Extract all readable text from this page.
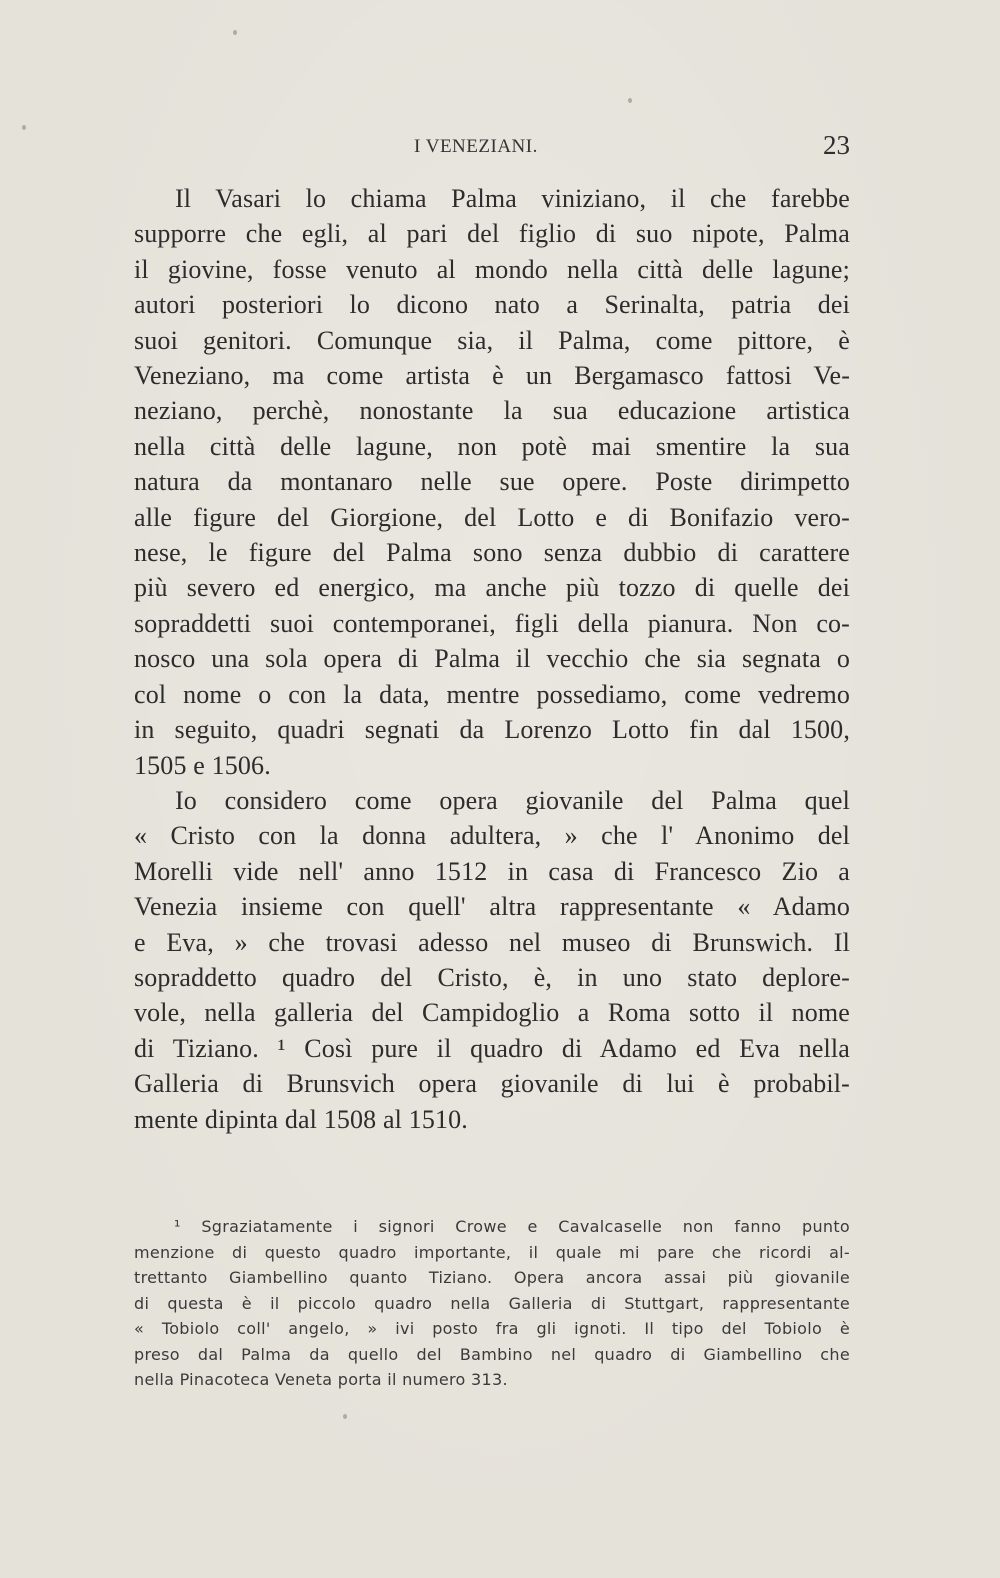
I VENEZIANI.	23

Il Vasari lo chiama Palma viniziano, il che farebbe
supporre che egli, al pari del figlio di suo nipote, Palma
il giovine, fosse venuto al mondo nella città delle lagune;
autori posteriori lo dicono nato a Serinalta, patria dei
suoi genitori. Comunque sia, il Palma, come pittore, è
Veneziano, ma come artista è un Bergamasco fattosi Ve-
neziano, perchè, nonostante la sua educazione artistica
nella città delle lagune, non potè mai smentire la sua
natura da montanaro nelle sue opere. Poste dirimpetto
alle figure del Giorgione, del Lotto e di Bonifazio vero-
nese, le figure del Palma sono senza dubbio di carattere
più severo ed energico, ma anche più tozzo di quelle dei
sopraddetti suoi contemporanei, figli della pianura. Non co-
nosco una sola opera di Palma il vecchio che sia segnata o
col nome o con la data, mentre possediamo, come vedremo
in seguito, quadri segnati da Lorenzo Lotto fin dal 1500,
1505 e 1506.

Io considero come opera giovanile del Palma quel
« Cristo con la donna adultera, » che l' Anonimo del
Morelli vide nell' anno 1512 in casa di Francesco Zio a
Venezia insieme con quell' altra rappresentante « Adamo
e Eva, » che trovasi adesso nel museo di Brunswich. Il
sopraddetto quadro del Cristo, è, in uno stato deplore-
vole, nella galleria del Campidoglio a Roma sotto il nome
di Tiziano. ¹ Così pure il quadro di Adamo ed Eva nella
Galleria di Brunsvich opera giovanile di lui è probabil-
mente dipinta dal 1508 al 1510.

¹ Sgraziatamente i signori Crowe e Cavalcaselle non fanno punto
menzione di questo quadro importante, il quale mi pare che ricordi al-
trettanto Giambellino quanto Tiziano. Opera ancora assai più giovanile
di questa è il piccolo quadro nella Galleria di Stuttgart, rappresentante
« Tobiolo coll' angelo, » ivi posto fra gli ignoti. Il tipo del Tobiolo è
preso dal Palma da quello del Bambino nel quadro di Giambellino che
nella Pinacoteca Veneta porta il numero 313.
